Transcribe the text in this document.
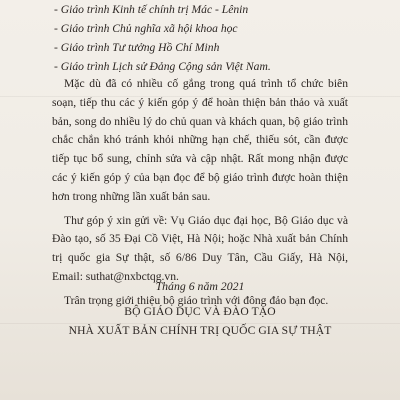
- Giáo trình Kinh tế chính trị Mác - Lênin
- Giáo trình Chủ nghĩa xã hội khoa học
- Giáo trình Tư tưởng Hồ Chí Minh
- Giáo trình Lịch sử Đảng Cộng sản Việt Nam.

Mặc dù đã có nhiều cố gắng trong quá trình tổ chức biên soạn, tiếp thu các ý kiến góp ý để hoàn thiện bản thảo và xuất bản, song do nhiều lý do chủ quan và khách quan, bộ giáo trình chắc chắn khó tránh khỏi những hạn chế, thiếu sót, cần được tiếp tục bổ sung, chỉnh sửa và cập nhật. Rất mong nhận được các ý kiến góp ý của bạn đọc để bộ giáo trình được hoàn thiện hơn trong những lần xuất bản sau.

Thư góp ý xin gửi về: Vụ Giáo dục đại học, Bộ Giáo dục và Đào tạo, số 35 Đại Cồ Việt, Hà Nội; hoặc Nhà xuất bản Chính trị quốc gia Sự thật, số 6/86 Duy Tân, Cầu Giấy, Hà Nội, Email: suthat@nxbctqg.vn.

Trân trọng giới thiệu bộ giáo trình với đông đảo bạn đọc.

Tháng 6 năm 2021
BỘ GIÁO DỤC VÀ ĐÀO TẠO
NHÀ XUẤT BẢN CHÍNH TRỊ QUỐC GIA SỰ THẬT
